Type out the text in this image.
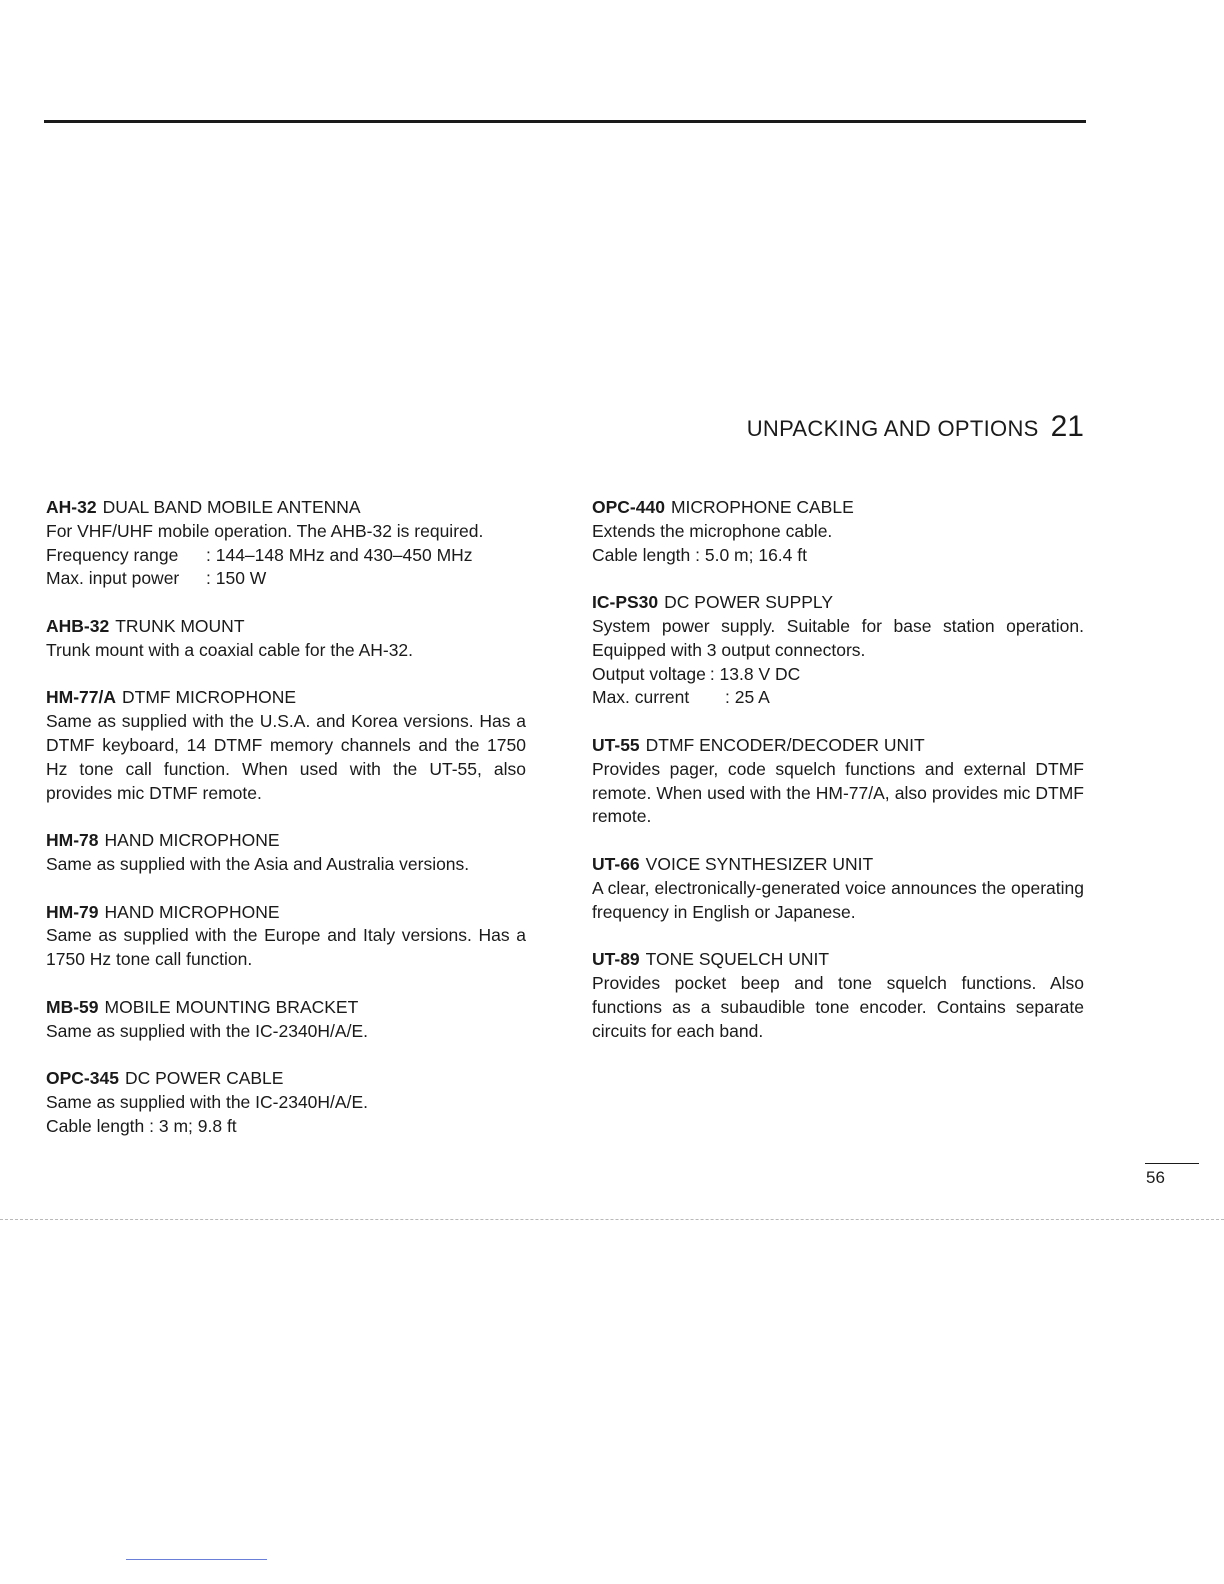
UNPACKING AND OPTIONS 21
AH-32 DUAL BAND MOBILE ANTENNA

For VHF/UHF mobile operation. The AHB-32 is required.

Frequency range	: 144–148 MHz and 430–450 MHz
Max. input power	: 150 W
AHB-32 TRUNK MOUNT

Trunk mount with a coaxial cable for the AH-32.

HM-77/A DTMF MICROPHONE

Same as supplied with the U.S.A. and Korea versions. Has a DTMF keyboard, 14 DTMF memory channels and the 1750 Hz tone call function. When used with the UT-55, also provides mic DTMF remote.

HM-78 HAND MICROPHONE

Same as supplied with the Asia and Australia versions.

HM-79 HAND MICROPHONE

Same as supplied with the Europe and Italy versions. Has a 1750 Hz tone call function.

MB-59 MOBILE MOUNTING BRACKET

Same as supplied with the IC-2340H/A/E.

OPC-345 DC POWER CABLE

Same as supplied with the IC-2340H/A/E.

Cable length : 3 m; 9.8 ft

OPC-440 MICROPHONE CABLE

Extends the microphone cable.

Cable length : 5.0 m; 16.4 ft

IC-PS30 DC POWER SUPPLY

System power supply. Suitable for base station operation. Equipped with 3 output connectors.

Output voltage : 13.8 V DC
Max. current	: 25 A
UT-55 DTMF ENCODER/DECODER UNIT

Provides pager, code squelch functions and external DTMF remote. When used with the HM-77/A, also provides mic DTMF remote.

UT-66 VOICE SYNTHESIZER UNIT

A clear, electronically-generated voice announces the operating frequency in English or Japanese.

UT-89 TONE SQUELCH UNIT

Provides pocket beep and tone squelch functions. Also functions as a subaudible tone encoder. Contains separate circuits for each band.

56
